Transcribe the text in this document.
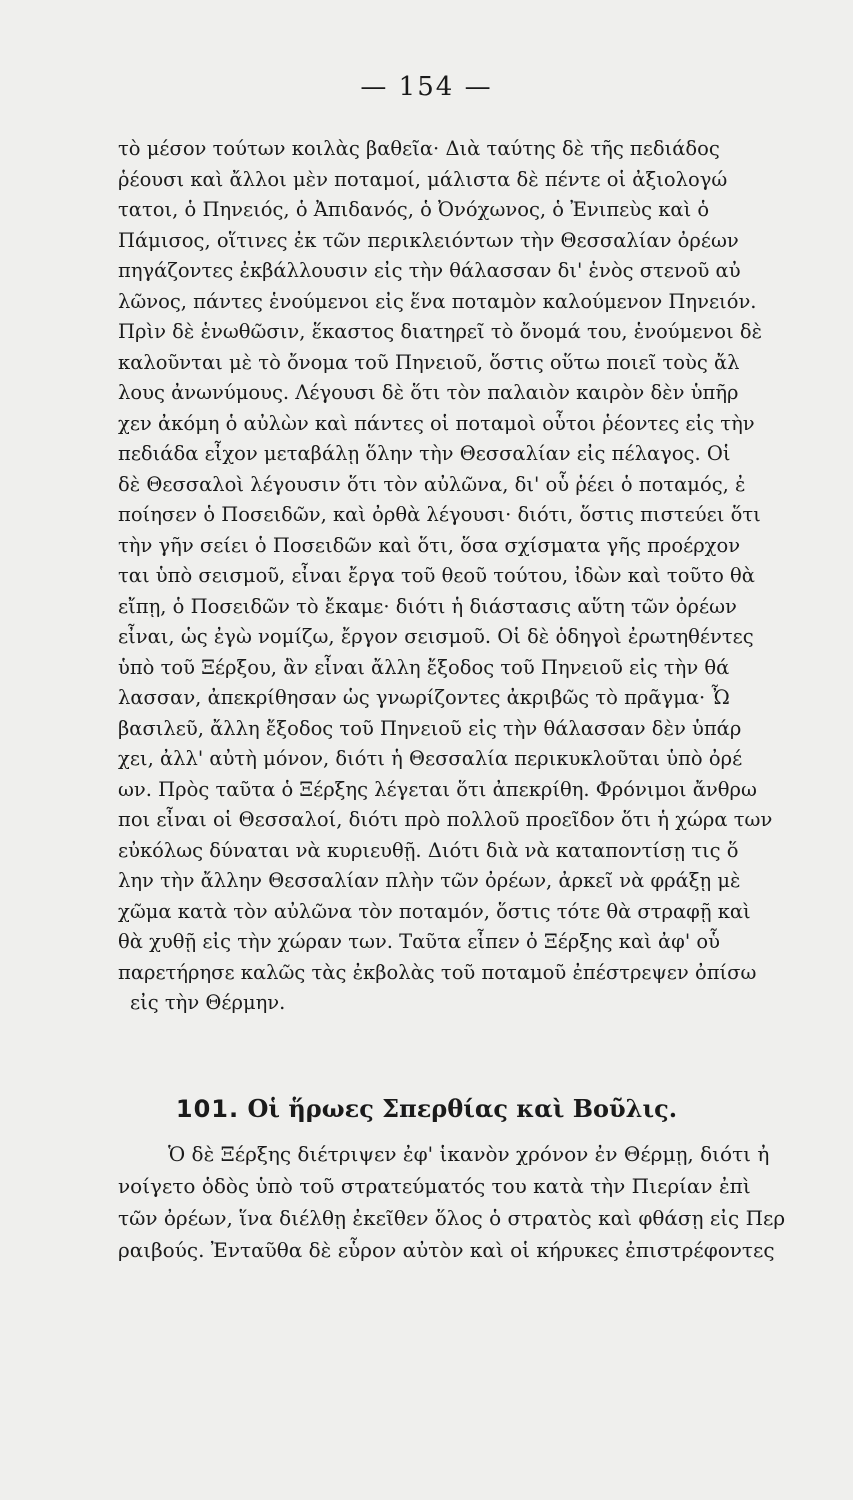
— 154 —
τὸ μέσον τούτων κοιλὰς βαθεῖα· Διὰ ταύτης δὲ τῆς πεδιάδος
ῥέουσι καὶ ἄλλοι μὲν ποταμοί, μάλιστα δὲ πέντε οἱ ἀξιολογώ
τατοι, ὁ Πηνειός, ὁ Ἀπιδανός, ὁ Ὀνόχωνος, ὁ Ἐνιπεὺς καὶ ὁ
Πάμισος, οἵτινες ἐκ τῶν περικλειόντων τὴν Θεσσαλίαν ὀρέων
πηγάζοντες ἐκβάλλουσιν εἰς τὴν θάλασσαν δι' ἑνὸς στενοῦ αὐ
λῶνος, πάντες ἑνούμενοι εἰς ἕνα ποταμὸν καλούμενον Πηνειόν.
Πρὶν δὲ ἑνωθῶσιν, ἕκαστος διατηρεῖ τὸ ὄνομά του, ἑνούμενοι δὲ
καλοῦνται μὲ τὸ ὄνομα τοῦ Πηνειοῦ, ὅστις οὕτω ποιεῖ τοὺς ἄλ
λους ἀνωνύμους. Λέγουσι δὲ ὅτι τὸν παλαιὸν καιρὸν δὲν ὑπῆρ
χεν ἀκόμη ὁ αὐλὼν καὶ πάντες οἱ ποταμοὶ οὗτοι ῥέοντες εἰς τὴν
πεδιάδα εἶχον μεταβάλῃ ὅλην τὴν Θεσσαλίαν εἰς πέλαγος. Οἱ
δὲ Θεσσαλοὶ λέγουσιν ὅτι τὸν αὐλῶνα, δι' οὗ ῥέει ὁ ποταμός, ἐ
ποίησεν ὁ Ποσειδῶν, καὶ ὀρθὰ λέγουσι· διότι, ὅστις πιστεύει ὅτι
τὴν γῆν σείει ὁ Ποσειδῶν καὶ ὅτι, ὅσα σχίσματα γῆς προέρχον
ται ὑπὸ σεισμοῦ, εἶναι ἔργα τοῦ θεοῦ τούτου, ἰδὼν καὶ τοῦτο θὰ
εἴπῃ, ὁ Ποσειδῶν τὸ ἔκαμε· διότι ἡ διάστασις αὕτη τῶν ὀρέων
εἶναι, ὡς ἐγὼ νομίζω, ἔργον σεισμοῦ. Οἱ δὲ ὁδηγοὶ ἐρωτηθέντες
ὑπὸ τοῦ Ξέρξου, ἂν εἶναι ἄλλη ἔξοδος τοῦ Πηνειοῦ εἰς τὴν θά
λασσαν, ἀπεκρίθησαν ὡς γνωρίζοντες ἀκριβῶς τὸ πρᾶγμα· Ὦ
βασιλεῦ, ἄλλη ἔξοδος τοῦ Πηνειοῦ εἰς τὴν θάλασσαν δὲν ὑπάρ
χει, ἀλλ' αὐτὴ μόνον, διότι ἡ Θεσσαλία περικυκλοῦται ὑπὸ ὀρέ
ων. Πρὸς ταῦτα ὁ Ξέρξης λέγεται ὅτι ἀπεκρίθη. Φρόνιμοι ἄνθρω
ποι εἶναι οἱ Θεσσαλοί, διότι πρὸ πολλοῦ προεῖδον ὅτι ἡ χώρα των
εὐκόλως δύναται νὰ κυριευθῇ. Διότι διὰ νὰ καταποντίσῃ τις ὅ
λην τὴν ἄλλην Θεσσαλίαν πλὴν τῶν ὀρέων, ἀρκεῖ νὰ φράξῃ μὲ
χῶμα κατὰ τὸν αὐλῶνα τὸν ποταμόν, ὅστις τότε θὰ στραφῇ καὶ
θὰ χυθῇ εἰς τὴν χώραν των. Ταῦτα εἶπεν ὁ Ξέρξης καὶ ἀφ' οὗ
παρετήρησε καλῶς τὰς ἐκβολὰς τοῦ ποταμοῦ ἐπέστρεψεν ὀπίσω
εἰς τὴν Θέρμην.
101. Οἱ ἥρωες Σπερθίας καὶ Βοῦλις.
Ὁ δὲ Ξέρξης διέτριψεν ἐφ' ἱκανὸν χρόνον ἐν Θέρμῃ, διότι ἠ
νοίγετο ὁδὸς ὑπὸ τοῦ στρατεύματός του κατὰ τὴν Πιερίαν ἐπὶ
τῶν ὀρέων, ἵνα διέλθῃ ἐκεῖθεν ὅλος ὁ στρατὸς καὶ φθάσῃ εἰς Περ
ραιβούς. Ἐνταῦθα δὲ εὗρον αὐτὸν καὶ οἱ κήρυκες ἐπιστρέφοντες
